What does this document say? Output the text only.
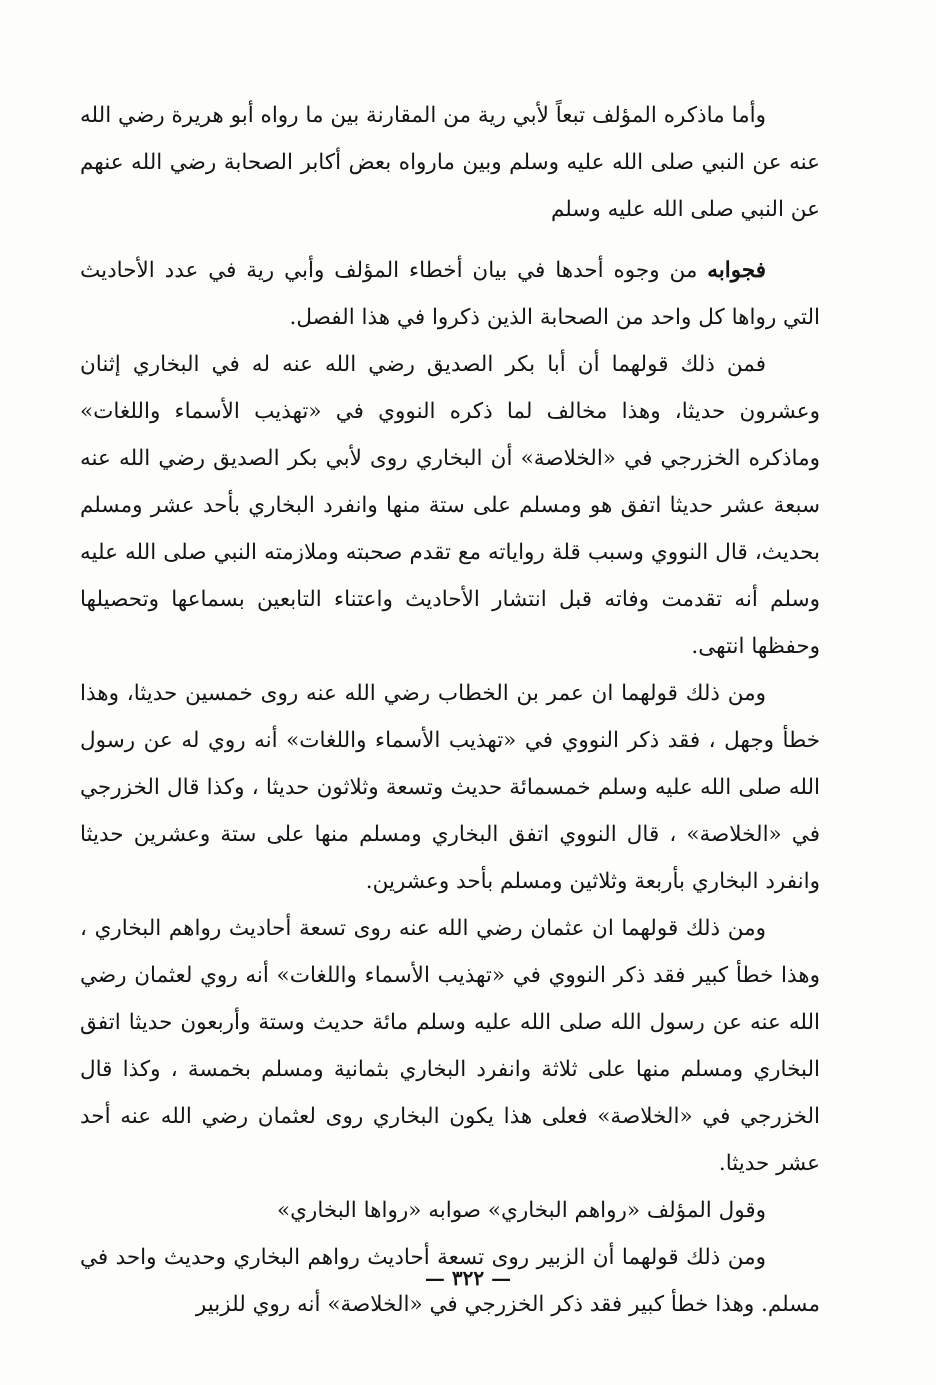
وأما ماذكره المؤلف تبعاً لأبي رية من المقارنة بين ما رواه أبو هريرة رضي الله عنه عن النبي صلى الله عليه وسلم وبين مارواه بعض أكابر الصحابة رضي الله عنهم عن النبي صلى الله عليه وسلم

فجوابه من وجوه أحدها في بيان أخطاء المؤلف وأبي رية في عدد الأحاديث التي رواها كل واحد من الصحابة الذين ذكروا في هذا الفصل.

فمن ذلك قولهما أن أبا بكر الصديق رضي الله عنه له في البخاري إثنان وعشرون حديثا، وهذا مخالف لما ذكره النووي في «تهذيب الأسماء واللغات» وماذكره الخزرجي في «الخلاصة» أن البخاري روى لأبي بكر الصديق رضي الله عنه سبعة عشر حديثا اتفق هو ومسلم على ستة منها وانفرد البخاري بأحد عشر ومسلم بحديث، قال النووي وسبب قلة رواياته مع تقدم صحبته وملازمته النبي صلى الله عليه وسلم أنه تقدمت وفاته قبل انتشار الأحاديث واعتناء التابعين بسماعها وتحصيلها وحفظها انتهى.

ومن ذلك قولهما ان عمر بن الخطاب رضي الله عنه روى خمسين حديثا، وهذا خطأ وجهل ، فقد ذكر النووي في «تهذيب الأسماء واللغات» أنه روي له عن رسول الله صلى الله عليه وسلم خمسمائة حديث وتسعة وثلاثون حديثا ، وكذا قال الخزرجي في «الخلاصة» ، قال النووي اتفق البخاري ومسلم منها على ستة وعشرين حديثا وانفرد البخاري بأربعة وثلاثين ومسلم بأحد وعشرين.

ومن ذلك قولهما ان عثمان رضي الله عنه روى تسعة أحاديث رواهم البخاري ، وهذا خطأ كبير فقد ذكر النووي في «تهذيب الأسماء واللغات» أنه روي لعثمان رضي الله عنه عن رسول الله صلى الله عليه وسلم مائة حديث وستة وأربعون حديثا اتفق البخاري ومسلم منها على ثلاثة وانفرد البخاري بثمانية ومسلم بخمسة ، وكذا قال الخزرجي في «الخلاصة» فعلى هذا يكون البخاري روى لعثمان رضي الله عنه أحد عشر حديثا.

وقول المؤلف «رواهم البخاري» صوابه «رواها البخاري»

ومن ذلك قولهما أن الزبير روى تسعة أحاديث رواهم البخاري وحديث واحد في مسلم. وهذا خطأ كبير فقد ذكر الخزرجي في «الخلاصة» أنه روي للزبير

— ٣٢٢ —
